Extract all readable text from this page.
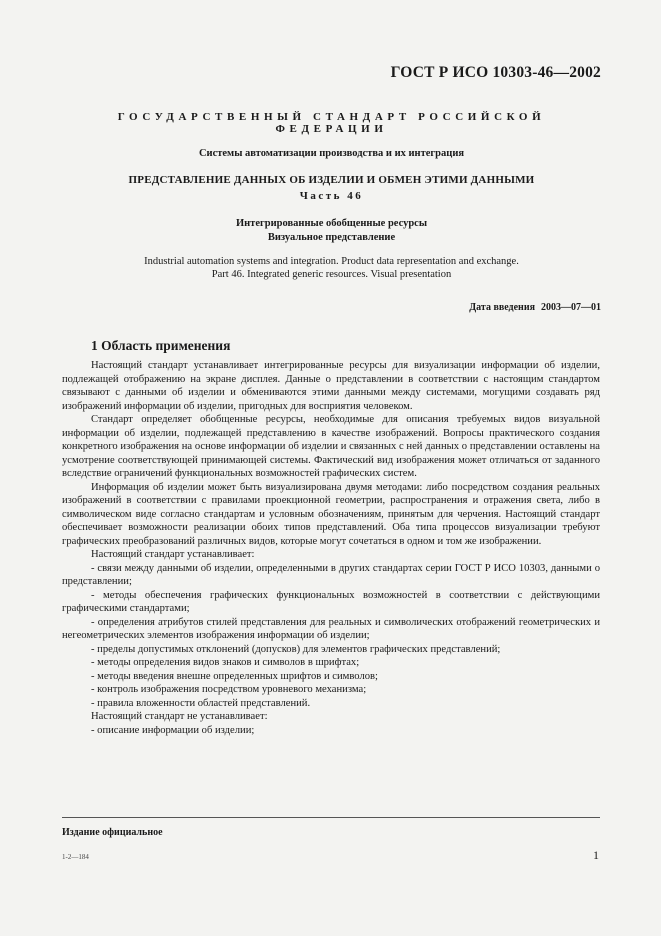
ГОСТ Р ИСО 10303-46—2002
ГОСУДАРСТВЕННЫЙ СТАНДАРТ РОССИЙСКОЙ ФЕДЕРАЦИИ
Системы автоматизации производства и их интеграция
ПРЕДСТАВЛЕНИЕ ДАННЫХ ОБ ИЗДЕЛИИ И ОБМЕН ЭТИМИ ДАННЫМИ
Часть 46
Интегрированные обобщенные ресурсы
Визуальное представление
Industrial automation systems and integration. Product data representation and exchange.
Part 46. Integrated generic resources. Visual presentation
Дата введения 2003—07—01
1 Область применения

Настоящий стандарт устанавливает интегрированные ресурсы для визуализации информации об изделии, подлежащей отображению на экране дисплея. Данные о представлении в соответствии с настоящим стандартом связывают с данными об изделии и обмениваются этими данными между системами, могущими создавать ряд изображений информации об изделии, пригодных для восприятия человеком.

Стандарт определяет обобщенные ресурсы, необходимые для описания требуемых видов визуальной информации об изделии, подлежащей представлению в качестве изображений. Вопросы практического создания конкретного изображения на основе информации об изделии и связанных с ней данных о представлении оставлены на усмотрение соответствующей принимающей системы. Фактический вид изображения может отличаться от заданного вследствие ограничений функциональных возможностей графических систем.

Информация об изделии может быть визуализирована двумя методами: либо посредством создания реальных изображений в соответствии с правилами проекционной геометрии, распространения и отражения света, либо в символическом виде согласно стандартам и условным обозначениям, принятым для черчения. Настоящий стандарт обеспечивает возможности реализации обоих типов представлений. Оба типа процессов визуализации требуют графических преобразований различных видов, которые могут сочетаться в одном и том же изображении.

Настоящий стандарт устанавливает:

- связи между данными об изделии, определенными в других стандартах серии ГОСТ Р ИСО 10303, данными о представлении;
- методы обеспечения графических функциональных возможностей в соответствии с действующими графическими стандартами;
- определения атрибутов стилей представления для реальных и символических отображений геометрических и негеометрических элементов изображения информации об изделии;
- пределы допустимых отклонений (допусков) для элементов графических представлений;
- методы определения видов знаков и символов в шрифтах;
- методы введения внешне определенных шрифтов и символов;
- контроль изображения посредством уровневого механизма;
- правила вложенности областей представлений.

Настоящий стандарт не устанавливает:

- описание информации об изделии;
Издание официальное
1-2—184	1
